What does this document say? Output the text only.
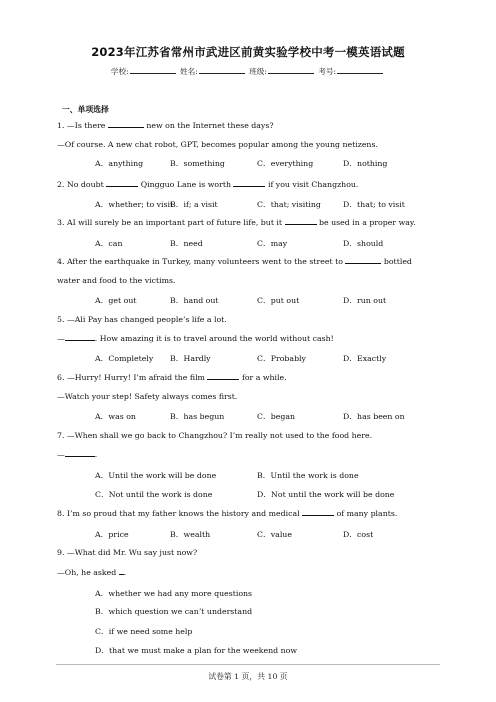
2023年江苏省常州市武进区前黄实验学校中考一模英语试题
学校:	姓名:	班级:	考号:
一、单项选择
1. —Is there	new on the Internet these days?
—Of course. A new chat robot, GPT, becomes popular among the young netizens.
A．anything	B．something	C．everything	D．nothing
2. No doubt	Qingguo Lane is worth	if you visit Changzhou.
A．whether; to visit
B．if; a visit	C．that; visiting	D．that; to visit
3. AI will surely be an important part of future life, but it	be used in a proper way.
A．can	B．need	C．may	D．should
4. After the earthquake in Turkey, many volunteers went to the street to	bottled
water and food to the victims.
A．get out	B．hand out	C．put out	D．run out
5. —Ali Pay has changed people’s life a lot.
—	. How amazing it is to travel around the world without cash!
A．Completely B．Hardly	C．Probably	D．Exactly
6. —Hurry! Hurry! I’m afraid the film	for a while.
—Watch your step! Safety always comes first.
A．was on	B．has begun	C．began	D．has been on
7. —When shall we go back to Changzhou? I’m really not used to the food here.
—	.
A．Until the work will be done	B．Until the work is done
C．Not until the work is done	D．Not until the work will be done
8. I’m so proud that my father knows the history and medical	of many plants.
A．price	B．wealth	C．value	D．cost
9. —What did Mr. Wu say just now?
—Oh, he asked .
A．whether we had any more questions
B．which question we can’t understand
C．if we need some help
D．that we must make a plan for the weekend now
试卷第 1 页，共 10 页
